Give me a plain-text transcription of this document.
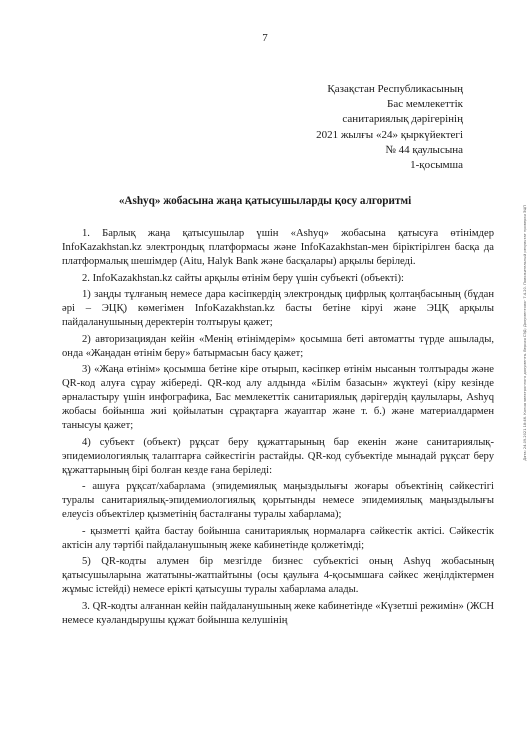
7
Қазақстан Республикасының
Бас мемлекеттік
санитариялық дәрігерінің
2021 жылғы «24» қыркүйектегі
№ 44 қаулысына
1-қосымша
«Ashyq» жобасына жаңа қатысушыларды қосу алгоритмі

1. Барлық жаңа қатысушылар үшін «Ashyq» жобасына қатысуға өтінімдер InfoKazakhstan.kz электрондық платформасы және InfoKazakhstan-мен біріктірілген басқа да платформалық шешімдер (Aitu, Halyk Bank және басқалары) арқылы беріледі.

2. InfoKazakhstan.kz сайты арқылы өтінім беру үшін субъекті (объекті):

1) заңды тұлғаның немесе дара кәсіпкердің электрондық цифрлық қолтаңбасының (бұдан әрі – ЭЦҚ) көмегімен InfoKazakhstan.kz басты бетіне кіруі және ЭЦҚ арқылы пайдаланушының деректерін толтыруы қажет;

2) авторизациядан кейін «Менің өтінімдерім» қосымша беті автоматты түрде ашылады, онда «Жаңадан өтінім беру» батырмасын басу қажет;

3) «Жаңа өтінім» қосымша бетіне кіре отырып, кәсіпкер өтінім нысанын толтырады және QR-код алуға сұрау жібереді. QR-код алу алдында «Білім базасын» жүктеуі (кіру кезінде әрналастыру үшін инфографика, Бас мемлекеттік санитариялық дәрігердің қаулылары, Ashyq жобасы бойынша жиі қойылатын сұрақтарға жауаптар және т. б.) және материалдармен танысуы қажет;

4) субъект (объект) рұқсат беру құжаттарының бар екенін және санитариялық-эпидемиологиялық талаптарға сәйкестігін растайды. QR-код субъектіде мынадай рұқсат беру құжаттарының бірі болған кезде ғана беріледі:

- ашуға рұқсат/хабарлама (эпидемиялық маңыздылығы жоғары объектінің сәйкестігі туралы санитариялық-эпидемиологиялық қорытынды немесе эпидемиялық маңыздылығы елеусіз объектілер қызметінің басталғаны туралы хабарлама);

- қызметті қайта бастау бойынша санитариялық нормаларға сәйкестік актісі. Сәйкестік актісін алу тәртібі пайдаланушының жеке кабинетінде қолжетімді;

5) QR-кодты алумен бір мезгілде бизнес субъектісі оның Ashyq жобасының қатысушыларына жататыны-жатпайтыны (осы қаулыға 4-қосымшаға сәйкес жеңілдіктермен жұмыс істейді) немесе ерікті қатысушы туралы хабарлама алады.

3. QR-кодты алғаннан кейін пайдаланушының жеке кабинетінде «Күзетші режимін» (ЖСН немесе куәландырушы құжат бойынша келушінің

Дата: 24.09.2021 18:46. Копия электронного документа. Версия СЭД: Документолог 7.4.20. Положительный результат проверки ЭЦП
